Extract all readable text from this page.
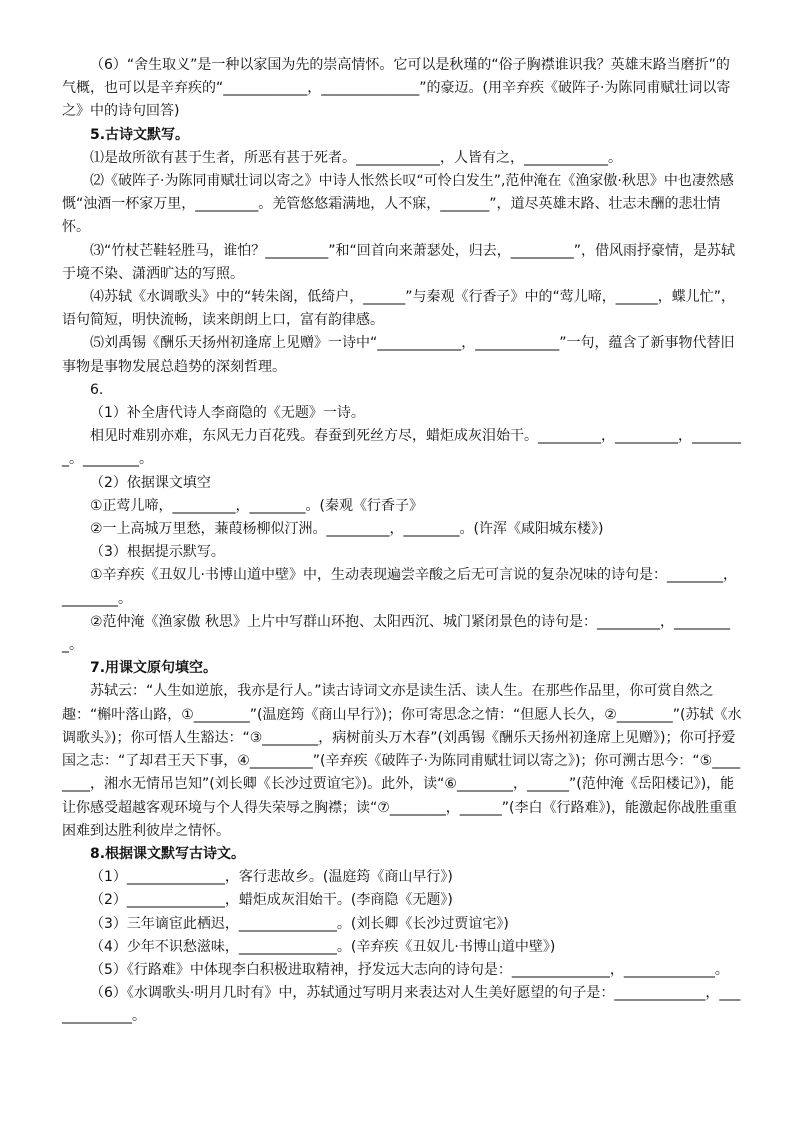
（6）“舍生取义”是一种以家国为先的崇高情怀。它可以是秋瑾的“俗子胸襟谁识我？英雄末路当磨折”的气概，也可以是辛弃疾的“____________，______________”的豪迈。(用辛弃疾《破阵子·为陈同甫赋壮词以寄之》中的诗句回答)

5.古诗文默写。

⑴是故所欲有甚于生者，所恶有甚于死者。____________，人皆有之，____________。

⑵《破阵子·为陈同甫赋壮词以寄之》中诗人怅然长叹“可怜白发生”,范仲淹在《渔家傲·秋思》中也凄然感慨“浊酒一杯家万里，_________。羌管悠悠霜满地，人不寐，_______”，道尽英雄末路、壮志未酬的悲壮情怀。

⑶“竹杖芒鞋轻胜马，谁怕？_________”和“回首向来萧瑟处，归去，_________”，借风雨抒豪情，是苏轼于境不染、潇洒旷达的写照。

⑷苏轼《水调歌头》中的“转朱阁，低绮户，______”与秦观《行香子》中的“莺儿啼，______，蝶儿忙”，语句简短，明快流畅，读来朗朗上口，富有韵律感。

⑸刘禹锡《酬乐天扬州初逢席上见赠》一诗中“____________，____________”一句，蕴含了新事物代替旧事物是事物发展总趋势的深刻哲理。

6.

（1）补全唐代诗人李商隐的《无题》一诗。

相见时难别亦难，东风无力百花残。春蚕到死丝方尽，蜡炬成灰泪始干。_________，_________，________。________。

（2）依据课文填空

①正莺儿啼，_________，________。(秦观《行香子》

②一上高城万里愁，蒹葭杨柳似汀洲。_________，________。(许浑《咸阳城东楼》)

（3）根据提示默写。

①辛弃疾《丑奴儿·书博山道中壁》中，生动表现遍尝辛酸之后无可言说的复杂况味的诗句是：________，________。

②范仲淹《渔家傲 秋思》上片中写群山环抱、太阳西沉、城门紧闭景色的诗句是：_________，_________。

7.用课文原句填空。

苏轼云：“人生如逆旅，我亦是行人。”读古诗词文亦是读生活、读人生。在那些作品里，你可赏自然之趣：“槲叶落山路，①________”(温庭筠《商山早行》)；你可寄思念之情：“但愿人长久，②________”(苏轼《水调歌头》)；你可悟人生豁达：“③________，病树前头万木春”(刘禹锡《酬乐天扬州初逢席上见赠》)；你可抒爱国之志：“了却君王天下事，④_________”(辛弃疾《破阵子·为陈同甫赋壮词以寄之》)；你可溯古思今：“⑤________，湘水无情吊岂知”(刘长卿《长沙过贾谊宅》)。此外，读“⑥________，______”(范仲淹《岳阳楼记》)，能让你感受超越客观环境与个人得失荣辱之胸襟；读“⑦________，______”(李白《行路难》)，能激起你战胜重重困难到达胜利彼岸之情怀。

8.根据课文默写古诗文。

（1）______________，客行悲故乡。(温庭筠《商山早行》)

（2）______________，蜡炬成灰泪始干。(李商隐《无题》)

（3）三年谪宦此栖迟，______________。(刘长卿《长沙过贾谊宅》)

（4）少年不识愁滋味，______________。(辛弃疾《丑奴儿·书博山道中壁》)

（5）《行路难》中体现李白积极进取精神，抒发远大志向的诗句是：______________，_____________。

（6）《水调歌头·明月几时有》中，苏轼通过写明月来表达对人生美好愿望的句子是：_____________，_____________。
